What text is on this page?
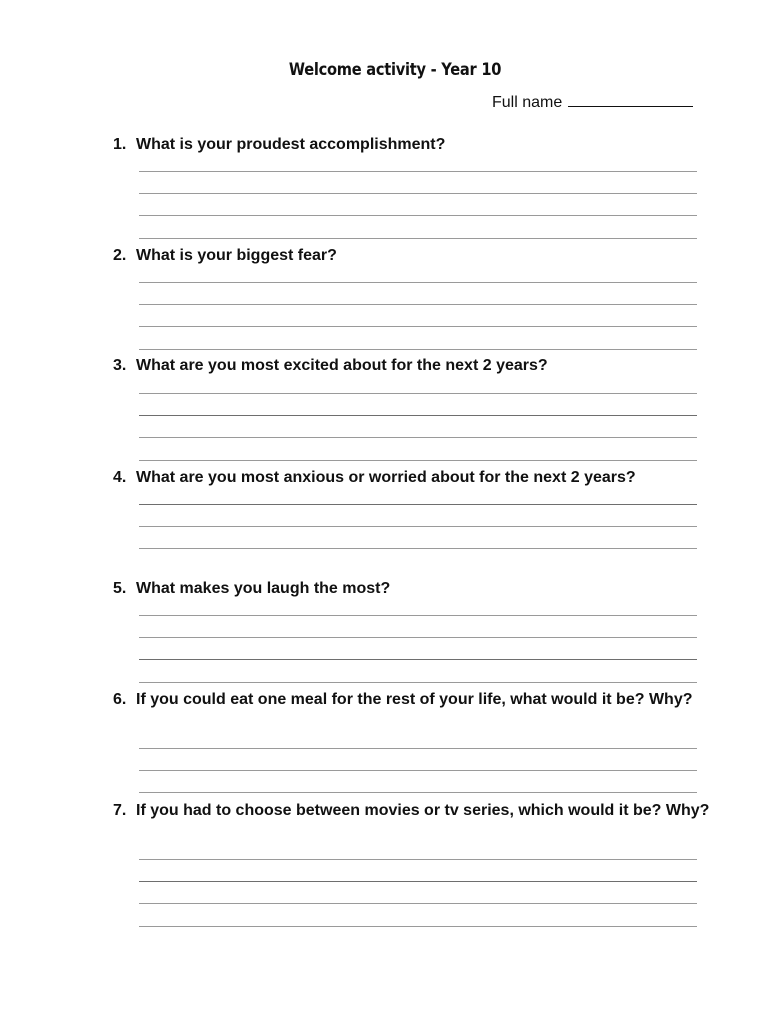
Welcome activity - Year 10
Full name
1. What is your proudest accomplishment?
2. What is your biggest fear?
3. What are you most excited about for the next 2 years?
4. What are you most anxious or worried about for the next 2 years?
5. What makes you laugh the most?
6. If you could eat one meal for the rest of your life, what would it be? Why?
7. If you had to choose between movies or tv series, which would it be? Why?
